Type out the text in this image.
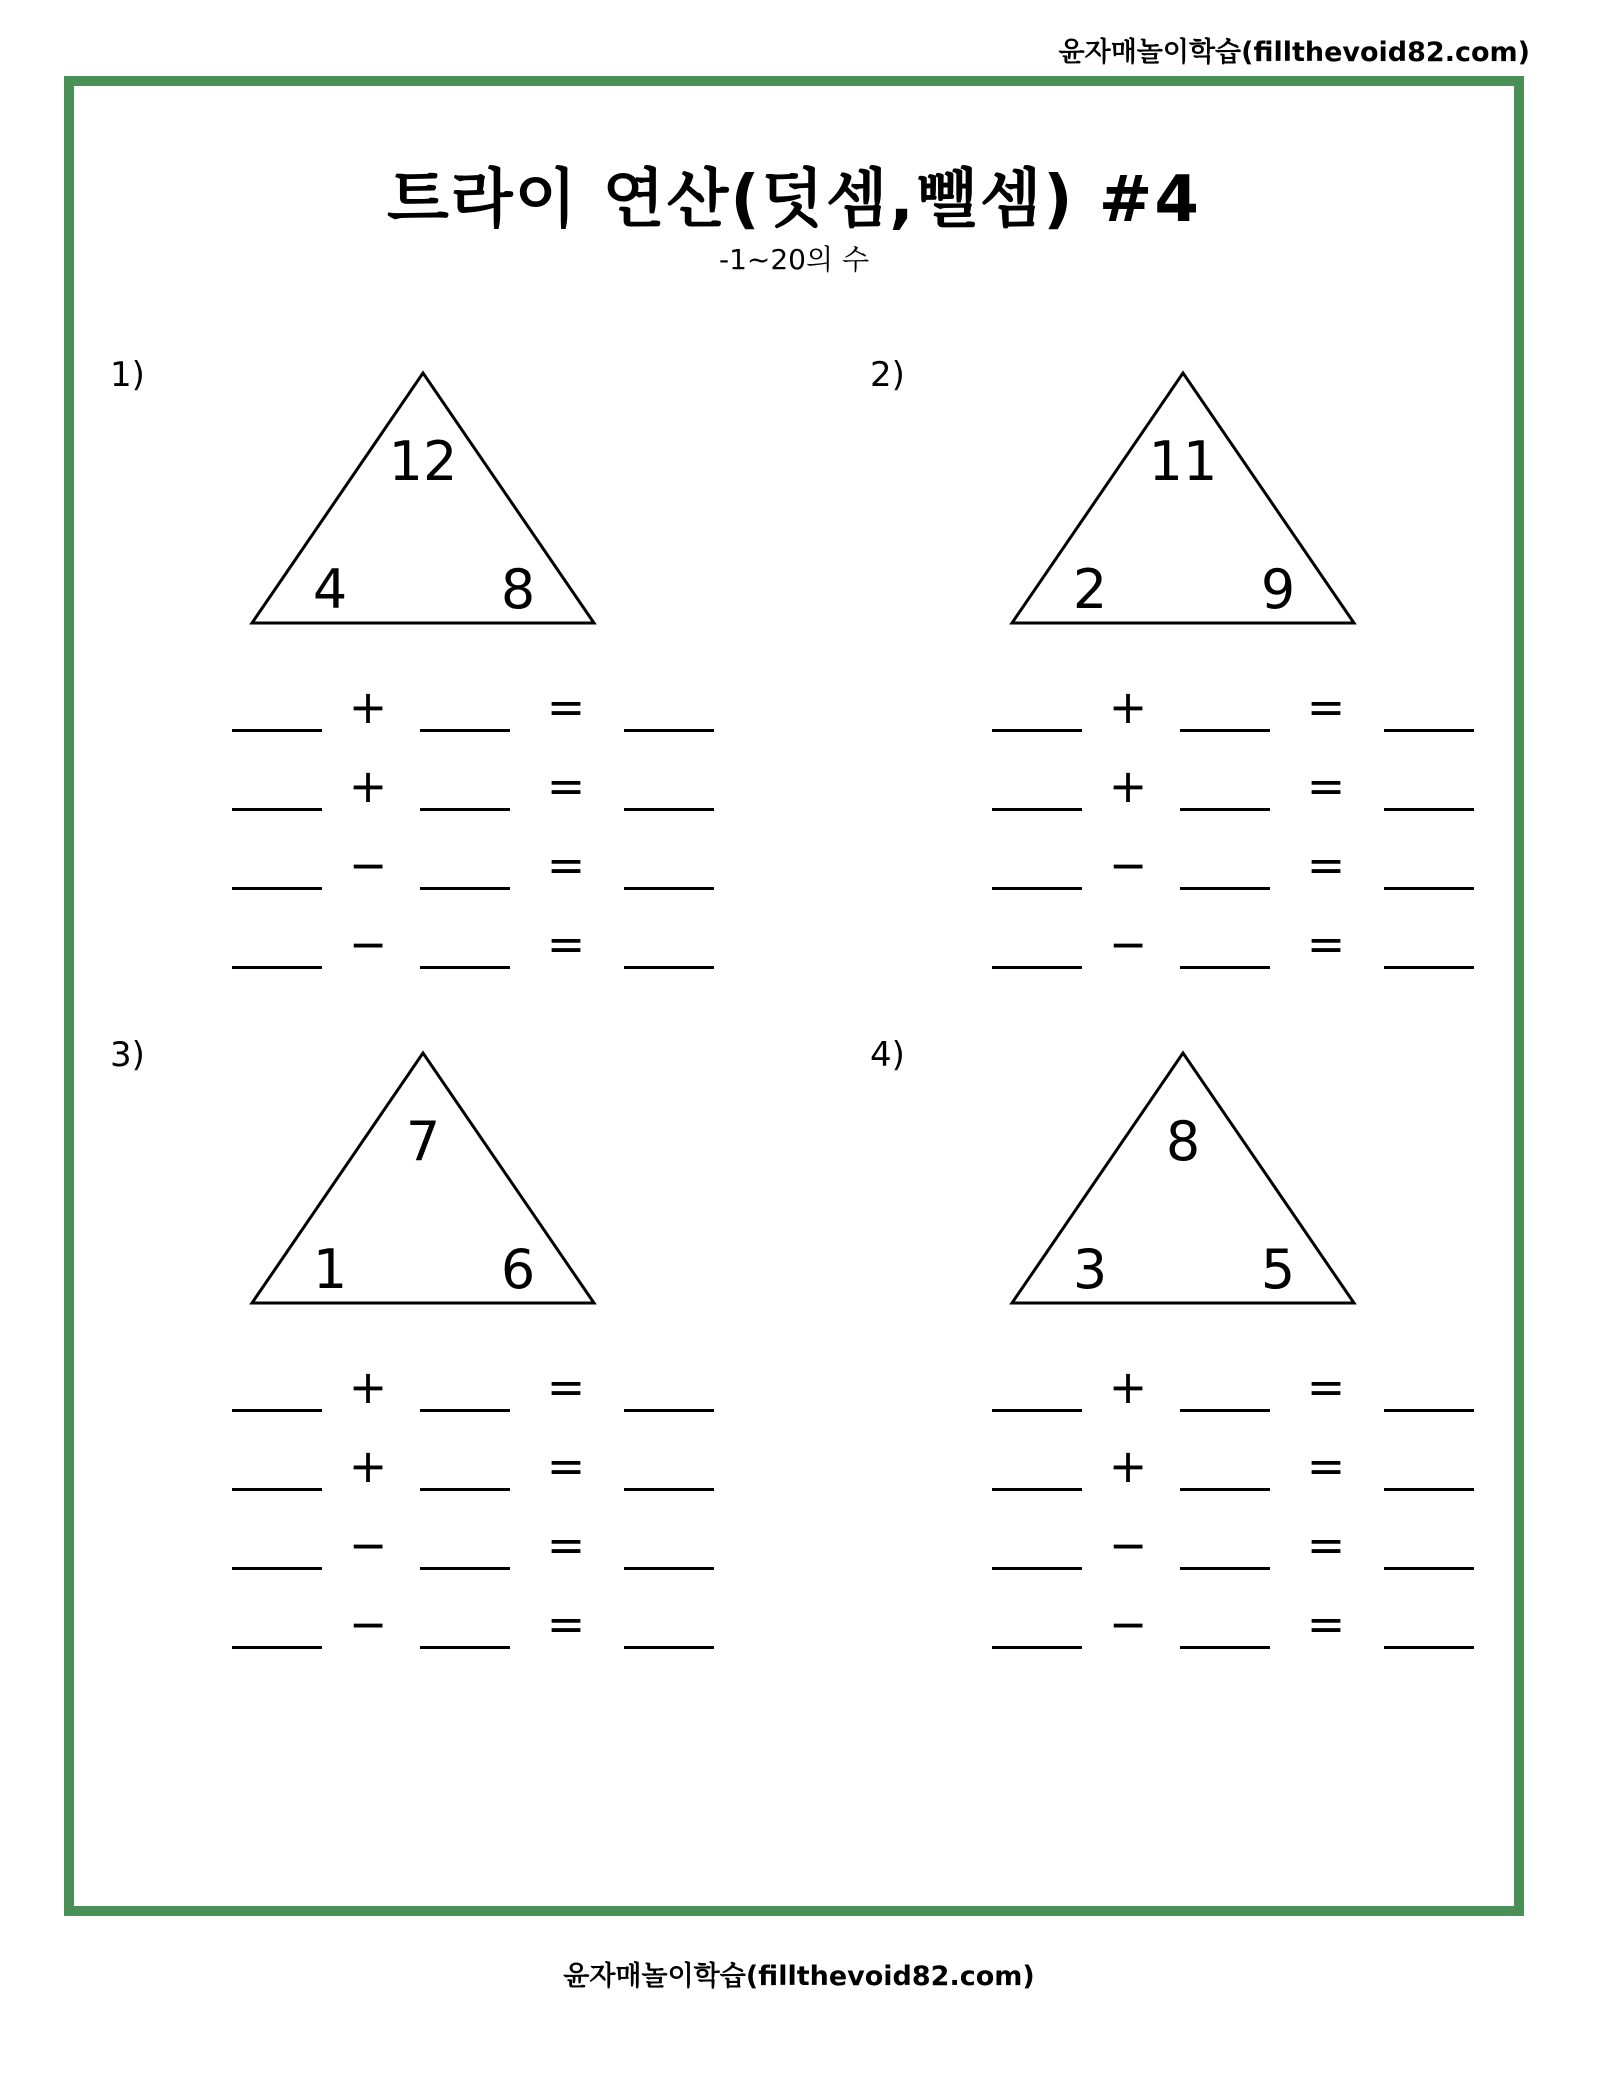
윤자매놀이학습(fillthevoid82.com)
트라이 연산(덧셈,뺄셈) #4
-1~20의 수
윤자매놀이학습(fillthevoid82.com)
1)
12
4	8
+	=
+	=
−	=
−	=
2)
11
2	9
+	=
+	=
−	=
−	=
3)
7
1	6
+	=
+	=
−	=
−	=
4)
8
3	5
+	=
+	=
−	=
−	=
